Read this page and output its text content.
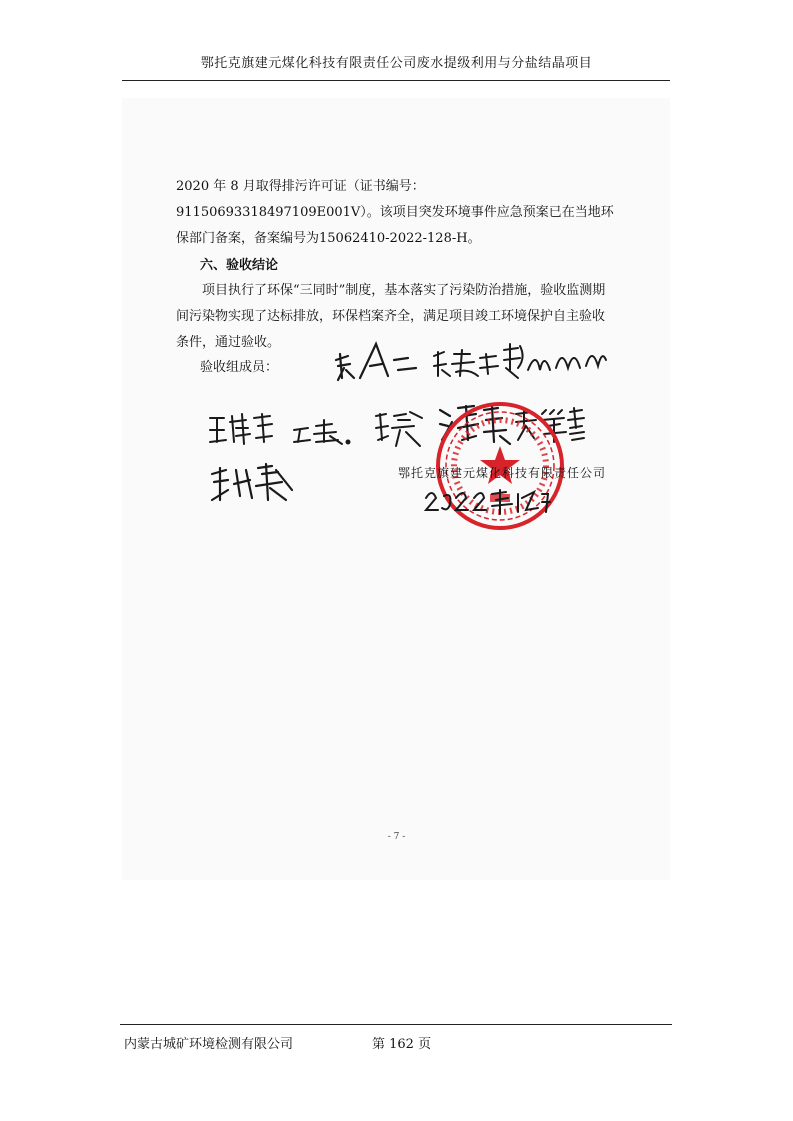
鄂托克旗建元煤化科技有限责任公司废水提级利用与分盐结晶项目
2020 年 8 月取得排污许可证（证书编号：91150693318497109E001V）。该项目突发环境事件应急预案已在当地环保部门备案，备案编号为15062410-2022-128-H。
六、验收结论
项目执行了环保“三同时”制度，基本落实了污染防治措施，验收监测期间污染物实现了达标排放，环保档案齐全，满足项目竣工环境保护自主验收条件，通过验收。
验收组成员：
鄂托克旗建元煤化科技有限责任公司
- 7 -
内蒙古城矿环境检测有限公司	第 162 页
